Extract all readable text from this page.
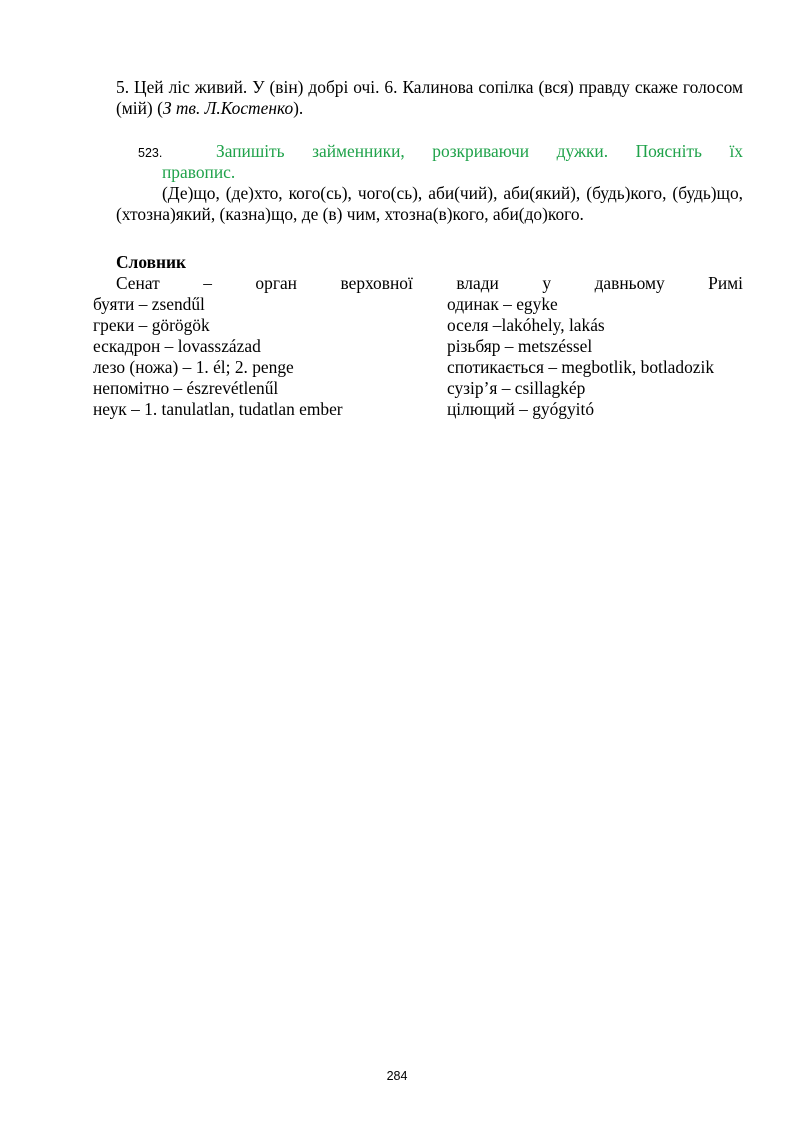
5. Цей ліс живий. У (він) добрі очі. 6. Калинова сопілка (вся) правду скаже голосом (мій) (З тв. Л.Костенко).
523.	Запишіть займенники, розкриваючи дужки. Поясніть їх
правопис.
(Де)що, (де)хто, кого(сь), чого(сь), аби(чий), аби(який), (будь)кого, (будь)що, (хтозна)який, (казна)що, де (в) чим, хтозна(в)кого, аби(до)кого.
Словник
Сенат – орган верховної влади у давньому Римі
буяти – zsendűl
греки – görögök
ескадрон – lovasszázad
лезо (ножа) – 1. él; 2. penge
непомітно – észrevétlenűl
неук – 1. tanulatlan, tudatlan ember
одинак – egyke
оселя –lakóhely, lakás
різьбяр – metszéssel
спотикається – megbotlik, botladozik
сузір’я – csillagkép
цілющий – gyógyitó
284
